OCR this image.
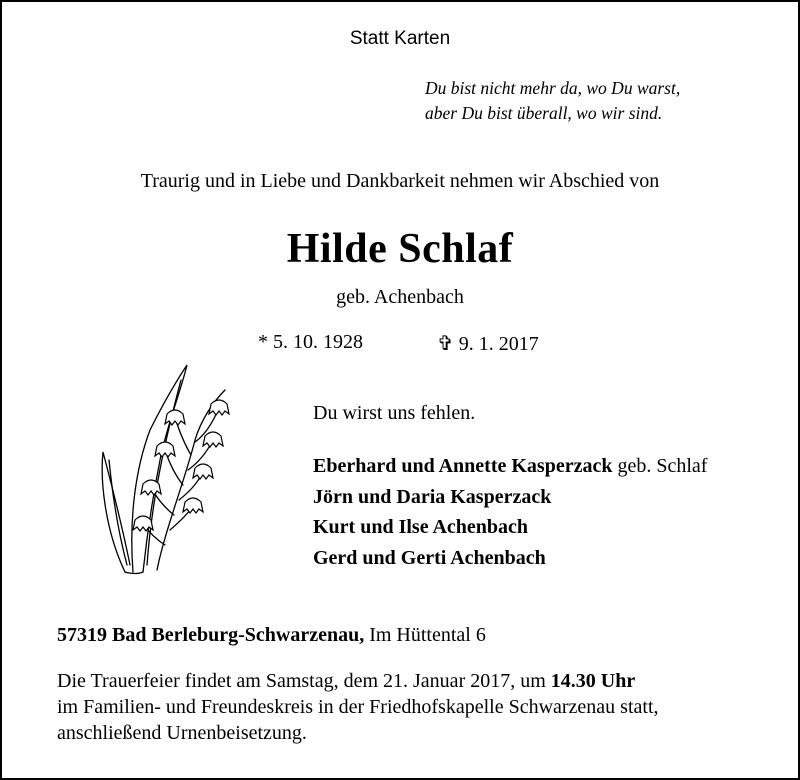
Statt Karten
Du bist nicht mehr da, wo Du warst,
aber Du bist überall, wo wir sind.
Traurig und in Liebe und Dankbarkeit nehmen wir Abschied von
Hilde Schlaf
geb. Achenbach
* 5. 10. 1928	✞ 9. 1. 2017
Du wirst uns fehlen.
Eberhard und Annette Kasperzack geb. Schlaf
Jörn und Daria Kasperzack
Kurt und Ilse Achenbach
Gerd und Gerti Achenbach
57319 Bad Berleburg-Schwarzenau, Im Hüttental 6
Die Trauerfeier findet am Samstag, dem 21. Januar 2017, um 14.30 Uhr
im Familien- und Freundeskreis in der Friedhofskapelle Schwarzenau statt,
anschließend Urnenbeisetzung.
